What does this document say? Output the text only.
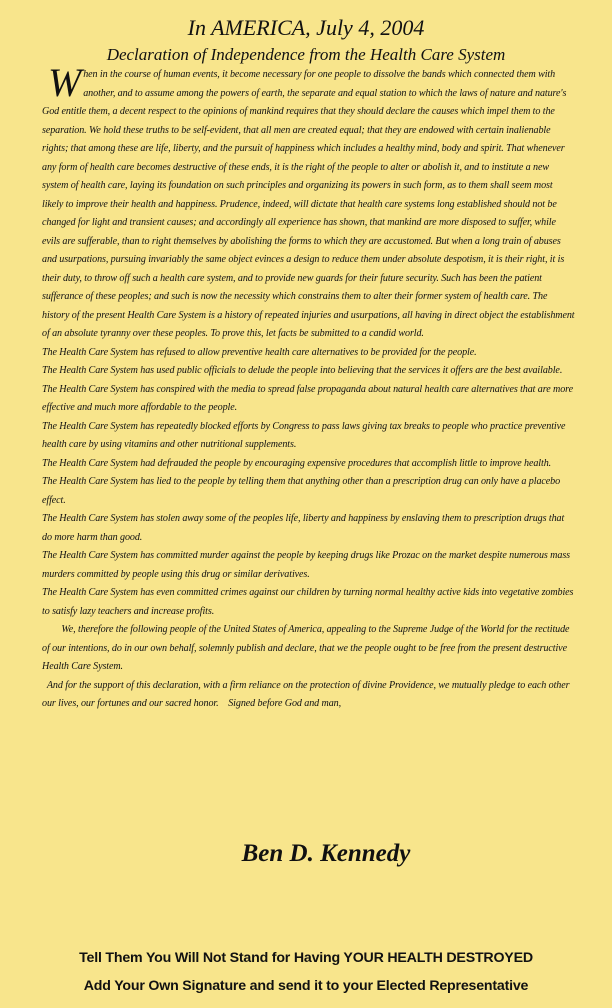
In AMERICA, July 4, 2004
Declaration of Independence from the Health Care System

When in the course of human events, it become necessary for one people to dissolve the bands which connected them with another, and to assume among the powers of earth, the separate and equal station to which the laws of nature and nature's God entitle them, a decent respect to the opinions of mankind requires that they should declare the causes which impel them to the separation. We hold these truths to be self-evident, that all men are created equal; that they are endowed with certain inalienable rights; that among these are life, liberty, and the pursuit of happiness which includes a healthy mind, body and spirit. That whenever any form of health care becomes destructive of these ends, it is the right of the people to alter or abolish it, and to institute a new system of health care, laying its foundation on such principles and organizing its powers in such form, as to them shall seem most likely to improve their health and happiness. Prudence, indeed, will dictate that health care systems long established should not be changed for light and transient causes; and accordingly all experience has shown, that mankind are more disposed to suffer, while evils are sufferable, than to right themselves by abolishing the forms to which they are accustomed. But when a long train of abuses and usurpations, pursuing invariably the same object evinces a design to reduce them under absolute despotism, it is their right, it is their duty, to throw off such a health care system, and to provide new guards for their future security. Such has been the patient sufferance of these peoples; and such is now the necessity which constrains them to alter their former system of health care. The history of the present Health Care System is a history of repeated injuries and usurpations, all having in direct object the establishment of an absolute tyranny over these peoples. To prove this, let facts be submitted to a candid world.

The Health Care System has refused to allow preventive health care alternatives to be provided for the people.

The Health Care System has used public officials to delude the people into believing that the services it offers are the best available.

The Health Care System has conspired with the media to spread false propaganda about natural health care alternatives that are more effective and much more affordable to the people.

The Health Care System has repeatedly blocked efforts by Congress to pass laws giving tax breaks to people who practice preventive health care by using vitamins and other nutritional supplements.

The Health Care System had defrauded the people by encouraging expensive procedures that accomplish little to improve health.

The Health Care System has lied to the people by telling them that anything other than a prescription drug can only have a placebo effect.

The Health Care System has stolen away some of the peoples life, liberty and happiness by enslaving them to prescription drugs that do more harm than good.

The Health Care System has committed murder against the people by keeping drugs like Prozac on the market despite numerous mass murders committed by people using this drug or similar derivatives.

The Health Care System has even committed crimes against our children by turning normal healthy active kids into vegetative zombies to satisfy lazy teachers and increase profits.

We, therefore the following people of the United States of America, appealing to the Supreme Judge of the World for the rectitude of our intentions, do in our own behalf, solemnly publish and declare, that we the people ought to be free from the present destructive Health Care System.

And for the support of this declaration, with a firm reliance on the protection of divine Providence, we mutually pledge to each other our lives, our fortunes and our sacred honor.    Signed before God and man,

Ben D. Kennedy
Tell Them You Will Not Stand for Having YOUR HEALTH DESTROYED
Add Your Own Signature and send it to your Elected Representative
